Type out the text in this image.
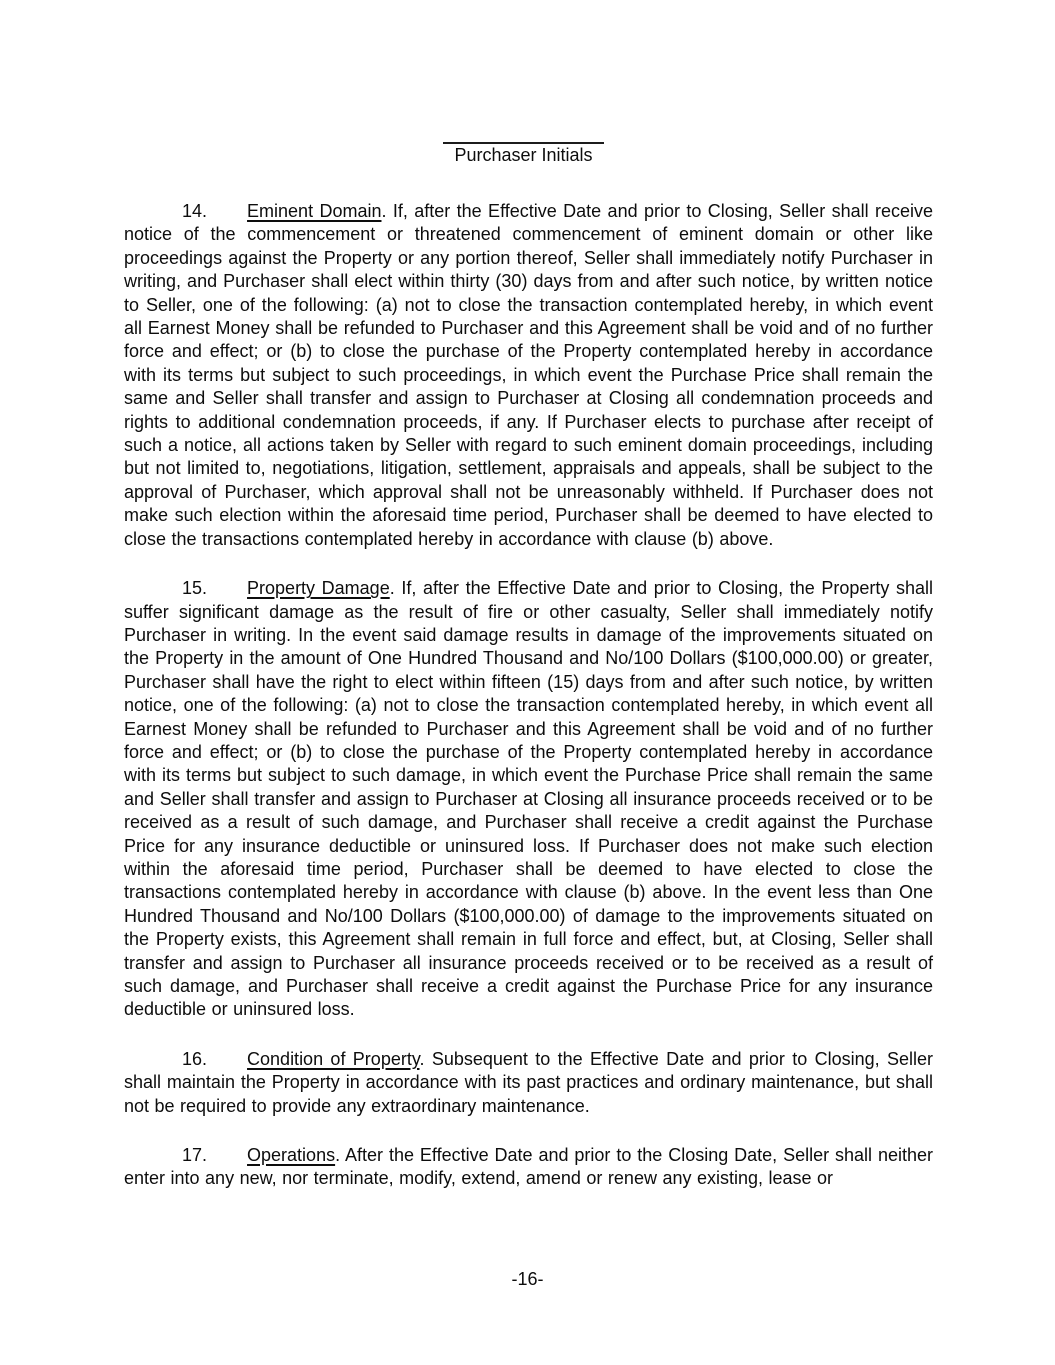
Purchaser Initials

14. Eminent Domain. If, after the Effective Date and prior to Closing, Seller shall receive notice of the commencement or threatened commencement of eminent domain or other like proceedings against the Property or any portion thereof, Seller shall immediately notify Purchaser in writing, and Purchaser shall elect within thirty (30) days from and after such notice, by written notice to Seller, one of the following: (a) not to close the transaction contemplated hereby, in which event all Earnest Money shall be refunded to Purchaser and this Agreement shall be void and of no further force and effect; or (b) to close the purchase of the Property contemplated hereby in accordance with its terms but subject to such proceedings, in which event the Purchase Price shall remain the same and Seller shall transfer and assign to Purchaser at Closing all condemnation proceeds and rights to additional condemnation proceeds, if any. If Purchaser elects to purchase after receipt of such a notice, all actions taken by Seller with regard to such eminent domain proceedings, including but not limited to, negotiations, litigation, settlement, appraisals and appeals, shall be subject to the approval of Purchaser, which approval shall not be unreasonably withheld. If Purchaser does not make such election within the aforesaid time period, Purchaser shall be deemed to have elected to close the transactions contemplated hereby in accordance with clause (b) above.

15. Property Damage. If, after the Effective Date and prior to Closing, the Property shall suffer significant damage as the result of fire or other casualty, Seller shall immediately notify Purchaser in writing. In the event said damage results in damage of the improvements situated on the Property in the amount of One Hundred Thousand and No/100 Dollars ($100,000.00) or greater, Purchaser shall have the right to elect within fifteen (15) days from and after such notice, by written notice, one of the following: (a) not to close the transaction contemplated hereby, in which event all Earnest Money shall be refunded to Purchaser and this Agreement shall be void and of no further force and effect; or (b) to close the purchase of the Property contemplated hereby in accordance with its terms but subject to such damage, in which event the Purchase Price shall remain the same and Seller shall transfer and assign to Purchaser at Closing all insurance proceeds received or to be received as a result of such damage, and Purchaser shall receive a credit against the Purchase Price for any insurance deductible or uninsured loss. If Purchaser does not make such election within the aforesaid time period, Purchaser shall be deemed to have elected to close the transactions contemplated hereby in accordance with clause (b) above. In the event less than One Hundred Thousand and No/100 Dollars ($100,000.00) of damage to the improvements situated on the Property exists, this Agreement shall remain in full force and effect, but, at Closing, Seller shall transfer and assign to Purchaser all insurance proceeds received or to be received as a result of such damage, and Purchaser shall receive a credit against the Purchase Price for any insurance deductible or uninsured loss.

16. Condition of Property. Subsequent to the Effective Date and prior to Closing, Seller shall maintain the Property in accordance with its past practices and ordinary maintenance, but shall not be required to provide any extraordinary maintenance.

17. Operations. After the Effective Date and prior to the Closing Date, Seller shall neither enter into any new, nor terminate, modify, extend, amend or renew any existing, lease or

-16-
